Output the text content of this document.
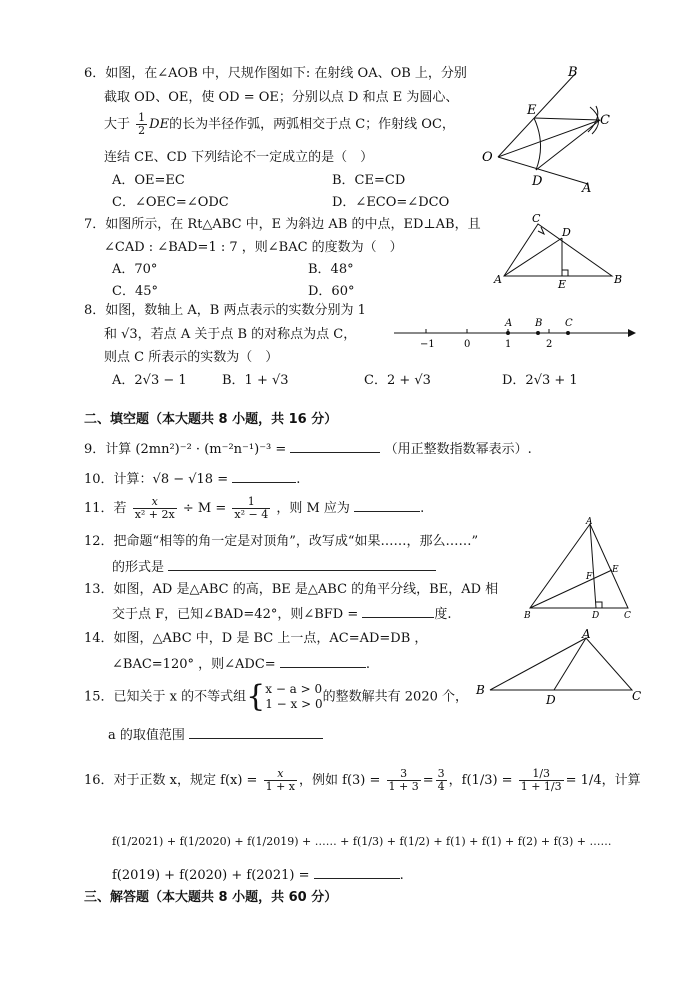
6．如图，在∠AOB 中，尺规作图如下: 在射线 OA、OB 上，分别
截取 OD、OE，使 OD = OE；分别以点 D 和点 E 为圆心、
大于 $\frac{1}{2}$ DE的长为半径作弧，两弧相交于点 C；作射线 OC，
连结 CE、CD 下列结论不一定成立的是（　）
A．OE=EC	B．CE=CD
C．∠OEC=∠ODC	D．∠ECO=∠DCO
B
E
C
O
D	A
7．如图所示，在 Rt△ABC 中，E 为斜边 AB 的中点，ED⊥AB，且
∠CAD : ∠BAD=1 : 7 ，则∠BAC 的度数为（　）
A．70°	B．48°
C．45°	D．60°
C
D
A	E	B
8．如图，数轴上 A，B 两点表示的实数分别为 1
和 √3，若点 A 关于点 B 的对称点为点 C，
则点 C 所表示的实数为（　）
A．2√3 − 1	B．1 + √3	C．2 + √3	D．2√3 + 1
−1	0	1	2
A B C
二、填空题（本大题共 8 小题，共 16 分）
9．计算 (2mn²)⁻² · (m⁻²n⁻¹)⁻³ =	（用正整数指数幂表示）.
10．计算：√8 − √18 =	.
11．若 $\frac{x}{\text{x² + 2x}} \div M = \frac{1}{\text{x² − 4}}$ ，则 M 应为	.
12．把命题“相等的角一定是对顶角”，改写成“如果……，那么……”
的形式是
13．如图，AD 是△ABC 的高，BE 是△ABC 的角平分线，BE，AD 相
交于点 F，已知∠BAD=42°，则∠BFD =	度.
A
E
F
B	D	C
14．如图，△ABC 中，D 是 BC 上一点，AC=AD=DB ，
∠BAC=120° ，则∠ADC=	.
A
B
D	C
15．已知关于 x 的不等式组{ x − a > 0
1 − x > 0 的整数解共有 2020 个，
a 的取值范围
16．对于正数 x，规定 $f(x) = \frac{x}{1 + x}$ ，例如 $f(3) = \frac{3}{1 + 3} = \frac{3}{4}$ ，$f(1/3) = \frac{1/3}{1 + 1/3} = 1/4$，计算
f(1/2021) + f(1/2020) + f(1/2019) + …… + f(1/3) + f(1/2) + f(1) + f(1) + f(2) + f(3) + ……
f(2019) + f(2020) + f(2021) =	.
三、解答题（本大题共 8 小题，共 60 分）
